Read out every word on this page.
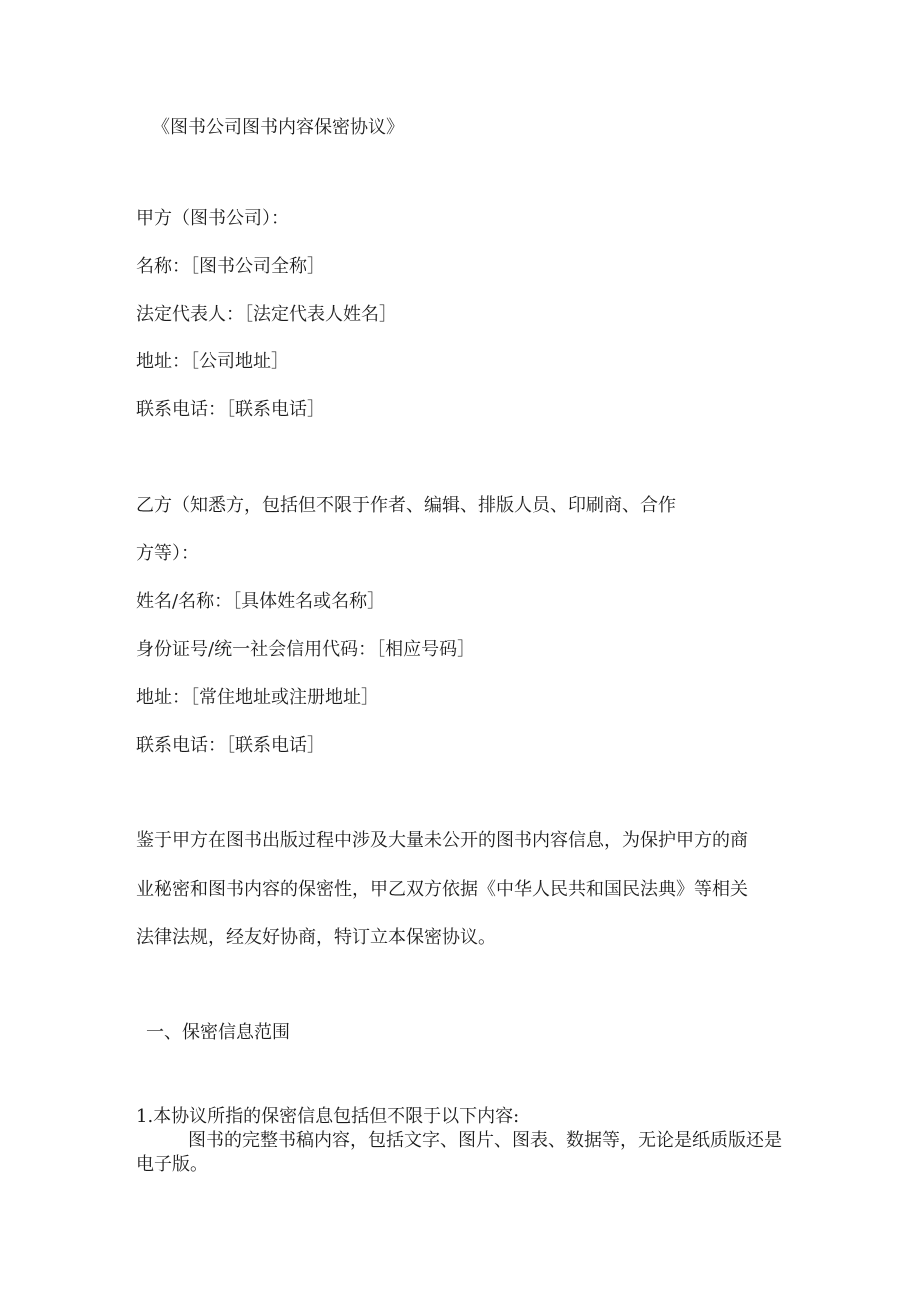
《图书公司图书内容保密协议》

甲方（图书公司）：

名称：［图书公司全称］

法定代表人：［法定代表人姓名］

地址：［公司地址］

联系电话：［联系电话］

乙方（知悉方，包括但不限于作者、编辑、排版人员、印刷商、合作

方等）：

姓名/名称：［具体姓名或名称］

身份证号/统一社会信用代码：［相应号码］

地址：［常住地址或注册地址］

联系电话：［联系电话］

鉴于甲方在图书出版过程中涉及大量未公开的图书内容信息，为保护甲方的商

业秘密和图书内容的保密性，甲乙双方依据《中华人民共和国民法典》等相关

法律法规，经友好协商，特订立本保密协议。

一、保密信息范围

1.本协议所指的保密信息包括但不限于以下内容:
图书的完整书稿内容，包括文字、图片、图表、数据等，无论是纸质版还是电子版。
